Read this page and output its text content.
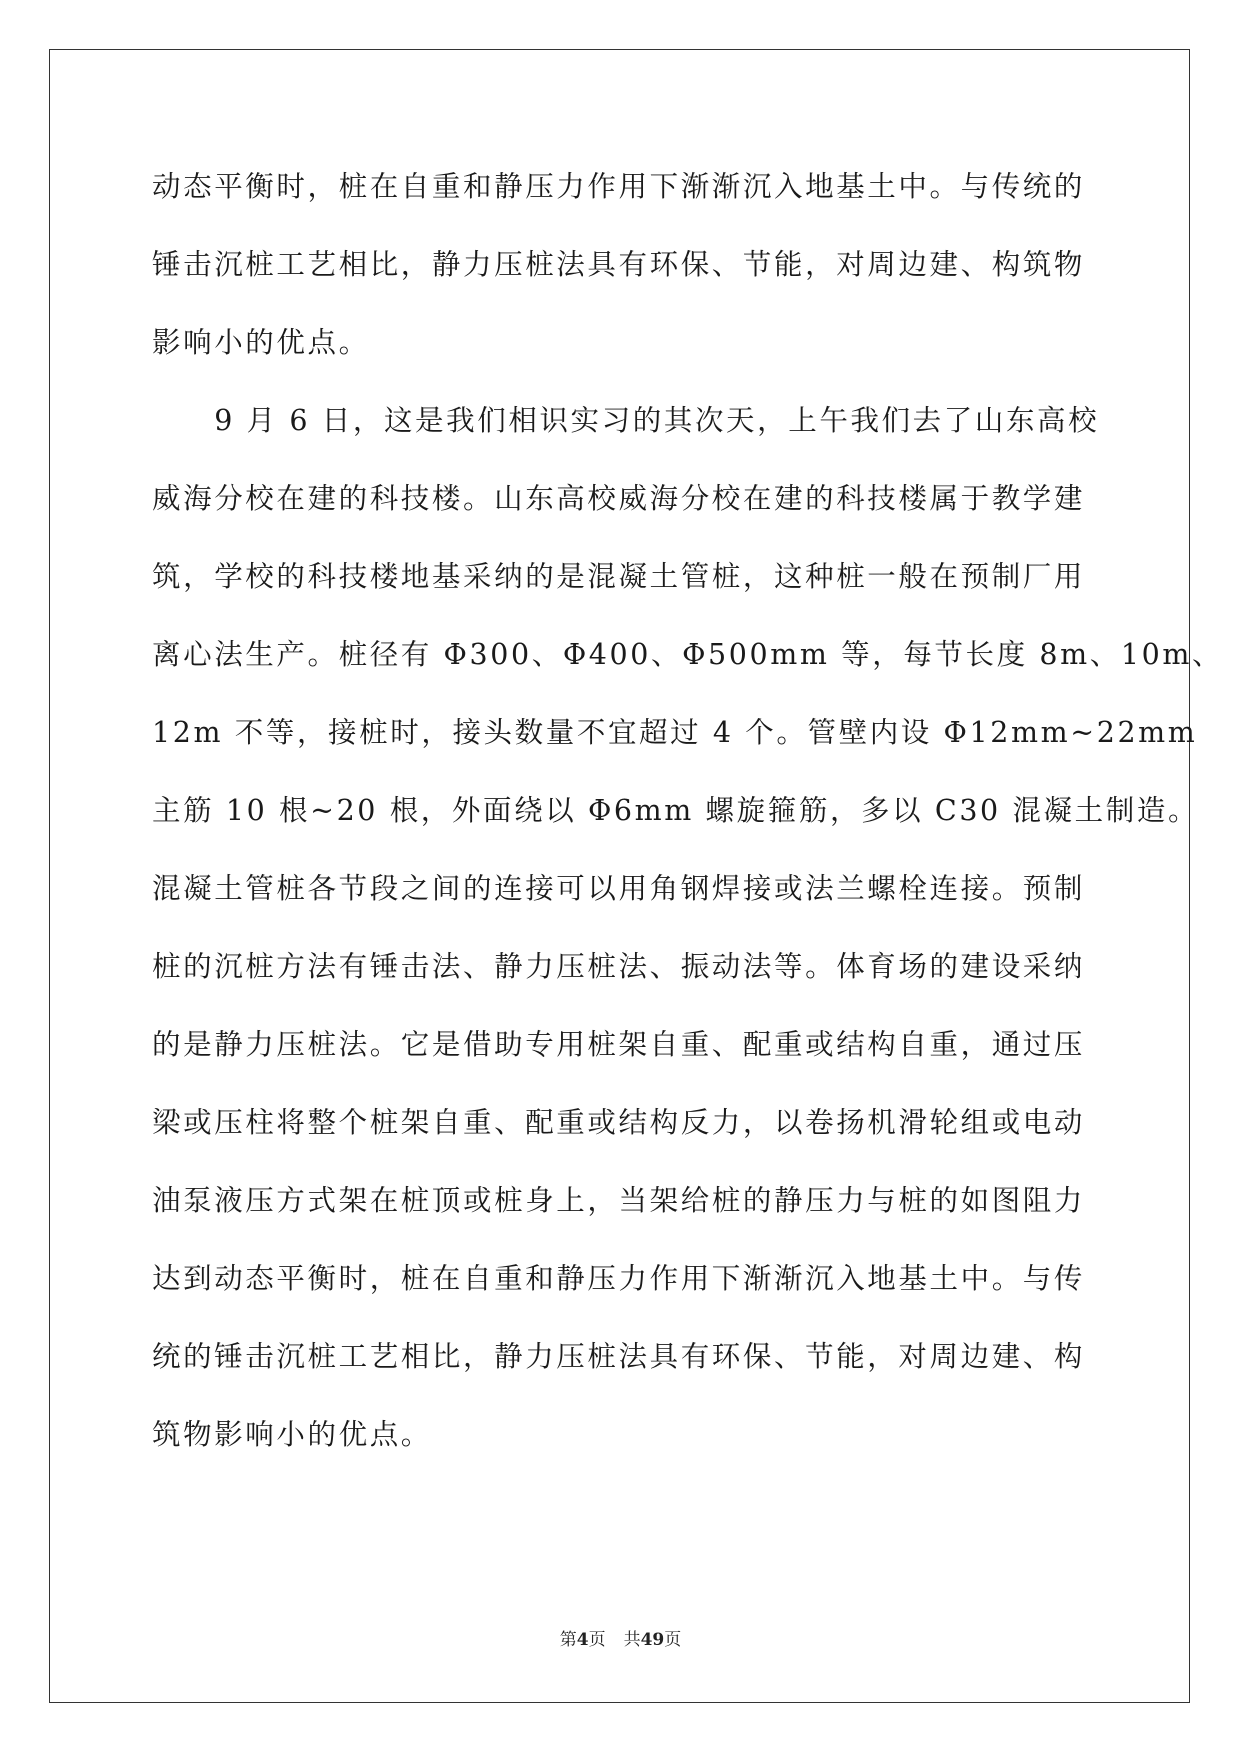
动态平衡时，桩在自重和静压力作用下渐渐沉入地基土中。与传统的
锤击沉桩工艺相比，静力压桩法具有环保、节能，对周边建、构筑物
影响小的优点。
　　9 月 6 日，这是我们相识实习的其次天，上午我们去了山东高校
威海分校在建的科技楼。山东高校威海分校在建的科技楼属于教学建
筑，学校的科技楼地基采纳的是混凝土管桩，这种桩一般在预制厂用
离心法生产。桩径有 Φ300、Φ400、Φ500mm 等，每节长度 8m、10m、
12m 不等，接桩时，接头数量不宜超过 4 个。管壁内设 Φ12mm~22mm
主筋 10 根~20 根，外面绕以 Φ6mm 螺旋箍筋，多以 C30 混凝土制造。
混凝土管桩各节段之间的连接可以用角钢焊接或法兰螺栓连接。预制
桩的沉桩方法有锤击法、静力压桩法、振动法等。体育场的建设采纳
的是静力压桩法。它是借助专用桩架自重、配重或结构自重，通过压
梁或压柱将整个桩架自重、配重或结构反力，以卷扬机滑轮组或电动
油泵液压方式架在桩顶或桩身上，当架给桩的静压力与桩的如图阻力
达到动态平衡时，桩在自重和静压力作用下渐渐沉入地基土中。与传
统的锤击沉桩工艺相比，静力压桩法具有环保、节能，对周边建、构
筑物影响小的优点。
第4页 共49页
